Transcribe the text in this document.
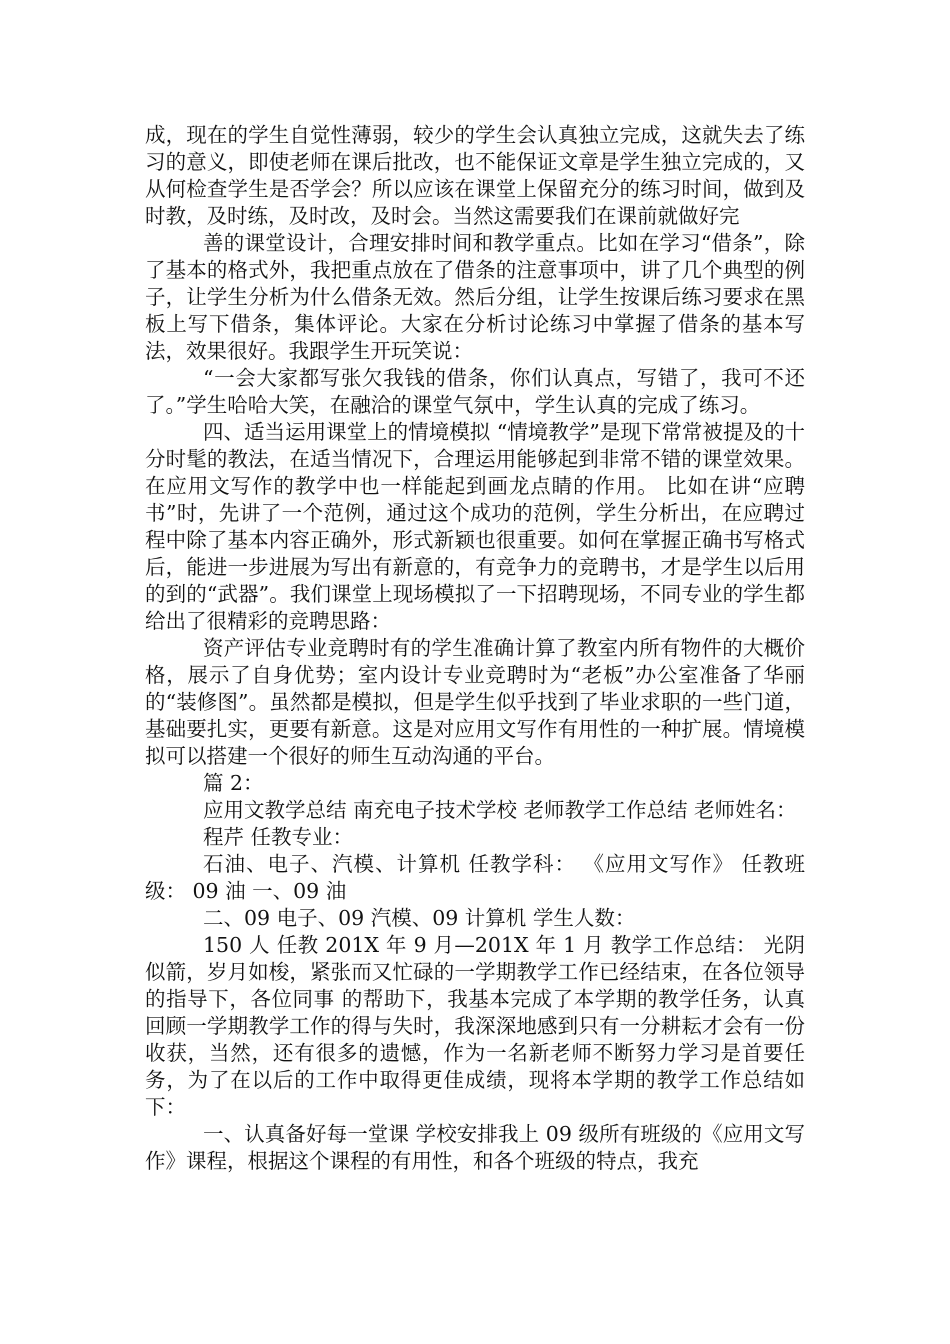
成，现在的学生自觉性薄弱，较少的学生会认真独立完成，这就失去了练习的意义，即使老师在课后批改，也不能保证文章是学生独立完成的，又从何检查学生是否学会？所以应该在课堂上保留充分的练习时间，做到及时教，及时练，及时改，及时会。当然这需要我们在课前就做好完

善的课堂设计，合理安排时间和教学重点。比如在学习“借条”，除了基本的格式外，我把重点放在了借条的注意事项中，讲了几个典型的例子，让学生分析为什么借条无效。然后分组，让学生按课后练习要求在黑板上写下借条，集体评论。大家在分析讨论练习中掌握了借条的基本写法，效果很好。我跟学生开玩笑说：

“一会大家都写张欠我钱的借条，你们认真点，写错了，我可不还了。”学生哈哈大笑，在融洽的课堂气氛中，学生认真的完成了练习。

四、适当运用课堂上的情境模拟 “情境教学”是现下常常被提及的十分时髦的教法，在适当情况下，合理运用能够起到非常不错的课堂效果。在应用文写作的教学中也一样能起到画龙点睛的作用。 比如在讲“应聘书”时，先讲了一个范例，通过这个成功的范例，学生分析出，在应聘过程中除了基本内容正确外，形式新颖也很重要。如何在掌握正确书写格式后，能进一步进展为写出有新意的，有竞争力的竞聘书，才是学生以后用的到的“武器”。我们课堂上现场模拟了一下招聘现场，不同专业的学生都给出了很精彩的竞聘思路：

资产评估专业竞聘时有的学生准确计算了教室内所有物件的大概价格，展示了自身优势；室内设计专业竞聘时为“老板”办公室准备了华丽的“装修图”。虽然都是模拟，但是学生似乎找到了毕业求职的一些门道，基础要扎实，更要有新意。这是对应用文写作有用性的一种扩展。情境模拟可以搭建一个很好的师生互动沟通的平台。

篇 2：

应用文教学总结 南充电子技术学校 老师教学工作总结 老师姓名：

程芹 任教专业：

石油、电子、汽模、计算机 任教学科： 《应用文写作》 任教班级： 09 油 一、09 油

二、09 电子、09 汽模、09 计算机 学生人数：

150 人 任教 201X 年 9 月—201X 年 1 月 教学工作总结： 光阴似箭，岁月如梭，紧张而又忙碌的一学期教学工作已经结束，在各位领导的指导下，各位同事 的帮助下，我基本完成了本学期的教学任务，认真回顾一学期教学工作的得与失时，我深深地感到只有一分耕耘才会有一份收获，当然，还有很多的遗憾，作为一名新老师不断努力学习是首要任务，为了在以后的工作中取得更佳成绩，现将本学期的教学工作总结如下：

一、认真备好每一堂课 学校安排我上 09 级所有班级的《应用文写作》课程，根据这个课程的有用性，和各个班级的特点，我充
